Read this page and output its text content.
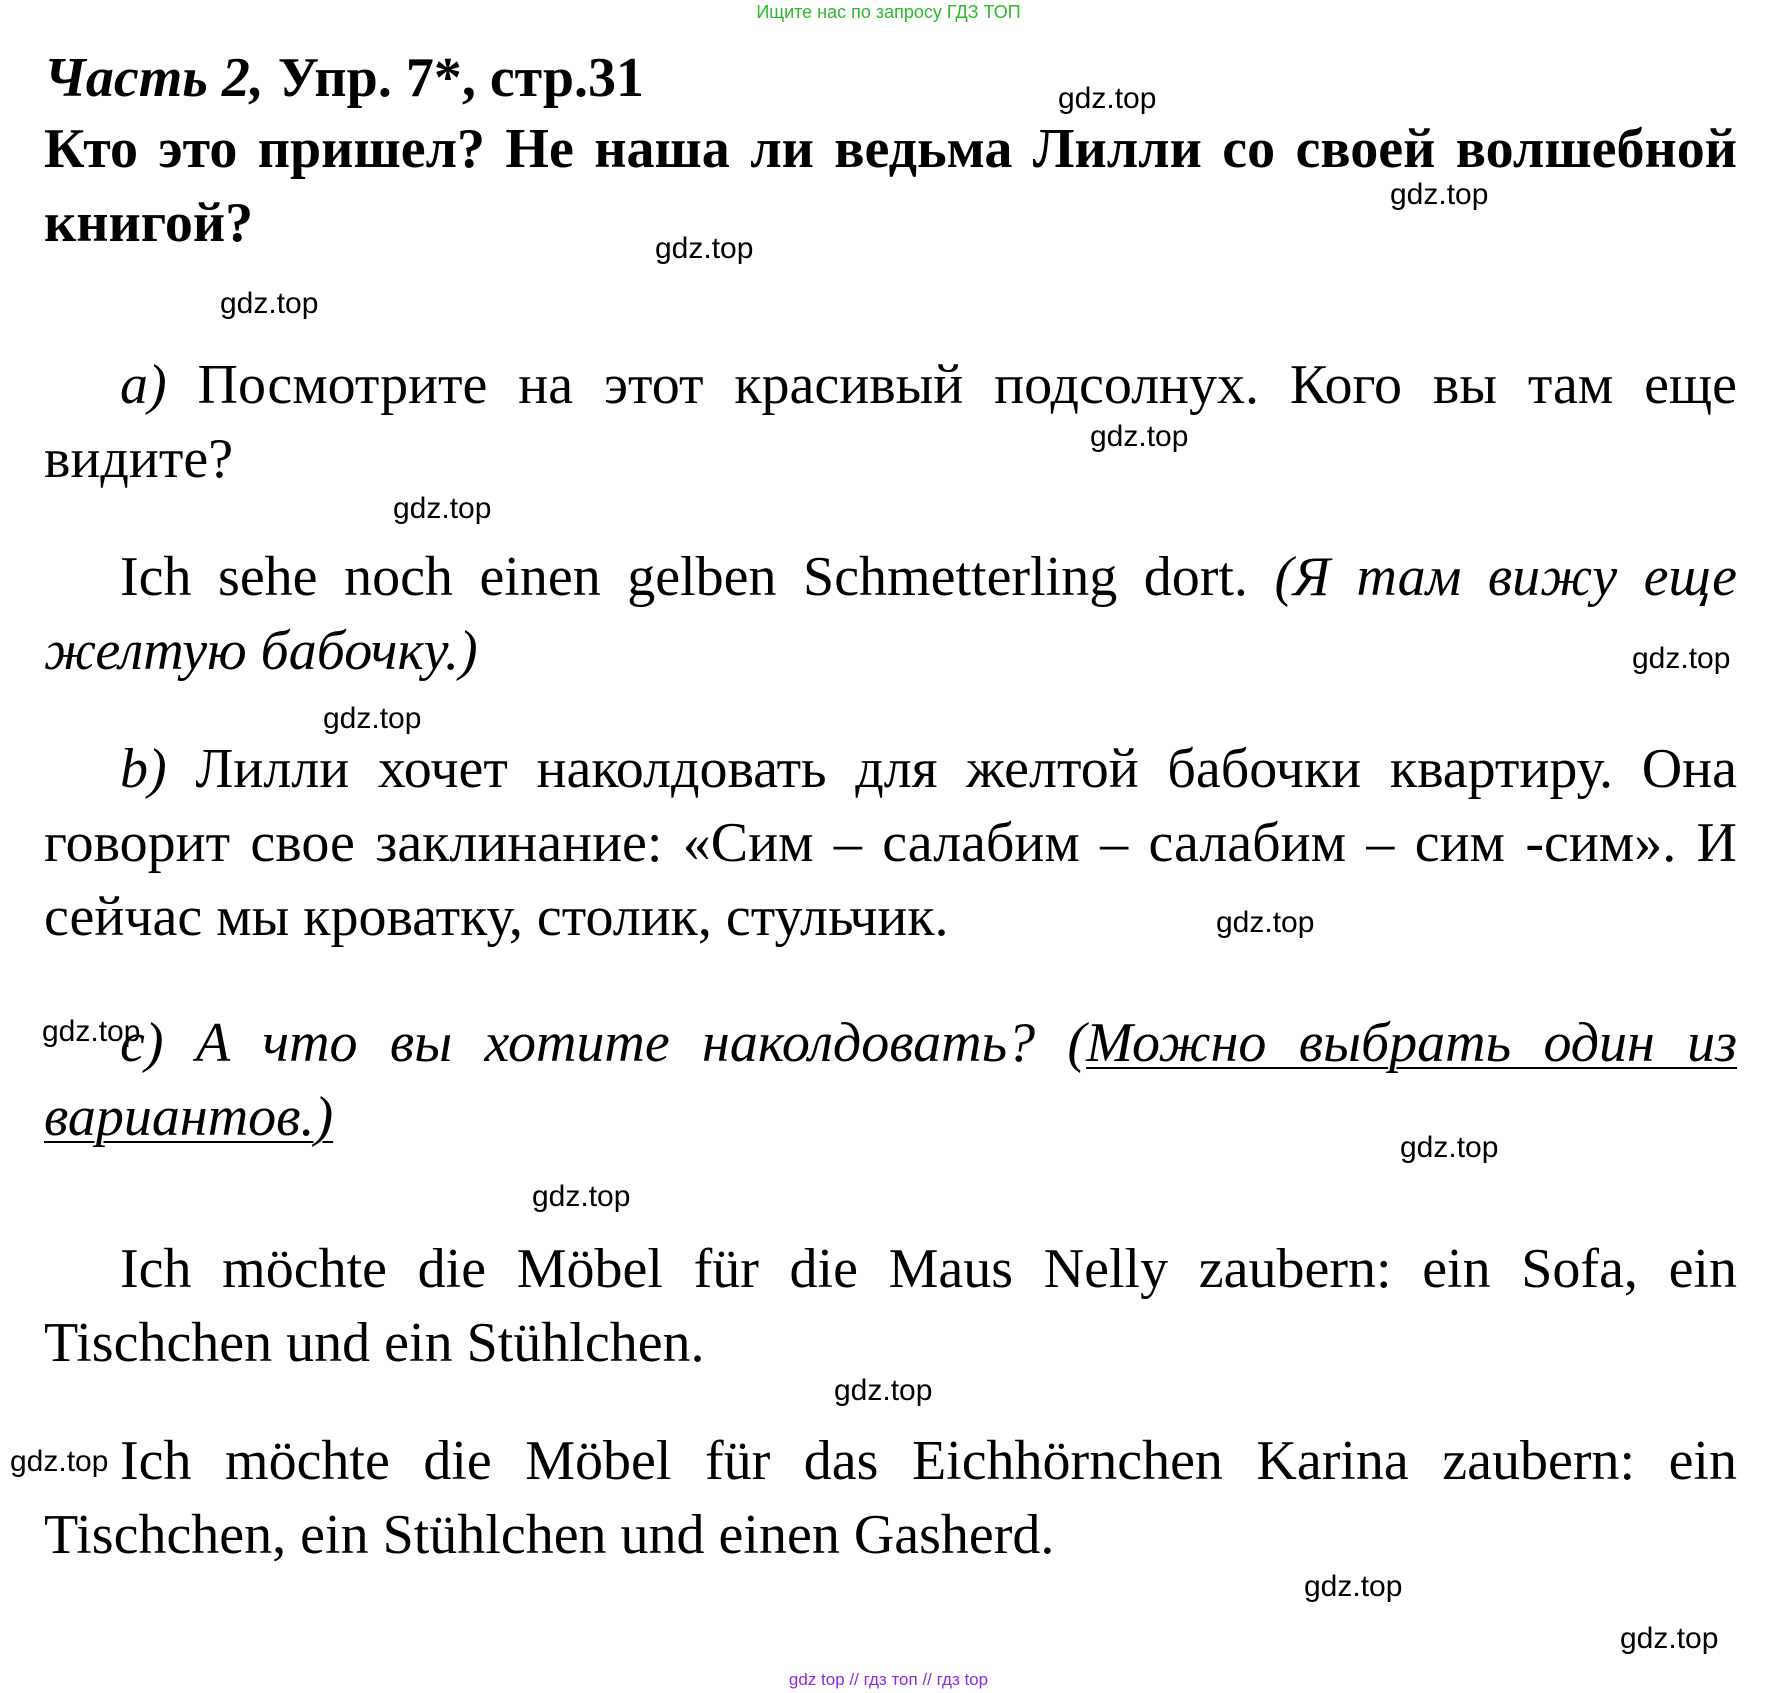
Ищите нас по запросу ГДЗ ТОП
Часть 2, Упр. 7*, стр.31
Кто это пришел? Не наша ли ведьма Лилли со своей волшебной книгой?

a) Посмотрите на этот красивый подсолнух. Кого вы там еще видите?

Ich sehe noch einen gelben Schmetterling dort. (Я там вижу еще желтую бабочку.)

b) Лилли хочет наколдовать для желтой бабочки квартиру. Она говорит свое заклинание: «Сим – салабим – салабим – сим -сим». И сейчас мы кроватку, столик, стульчик.

c) А что вы хотите наколдовать? (Можно выбрать один из вариантов.)

Ich möchte die Möbel für die Maus Nelly zaubern: ein Sofa, ein Tischchen und ein Stühlchen.

Ich möchte die Möbel für das Eichhörnchen Karina zaubern: ein Tischchen, ein Stühlchen und einen Gasherd.

gdz.top
gdz.top
gdz.top
gdz.top
gdz.top
gdz.top
gdz.top
gdz.top
gdz.top
gdz.top
gdz.top
gdz.top
gdz.top
gdz.top
gdz.top
gdz.top
gdz top // гдз топ // гдз top
